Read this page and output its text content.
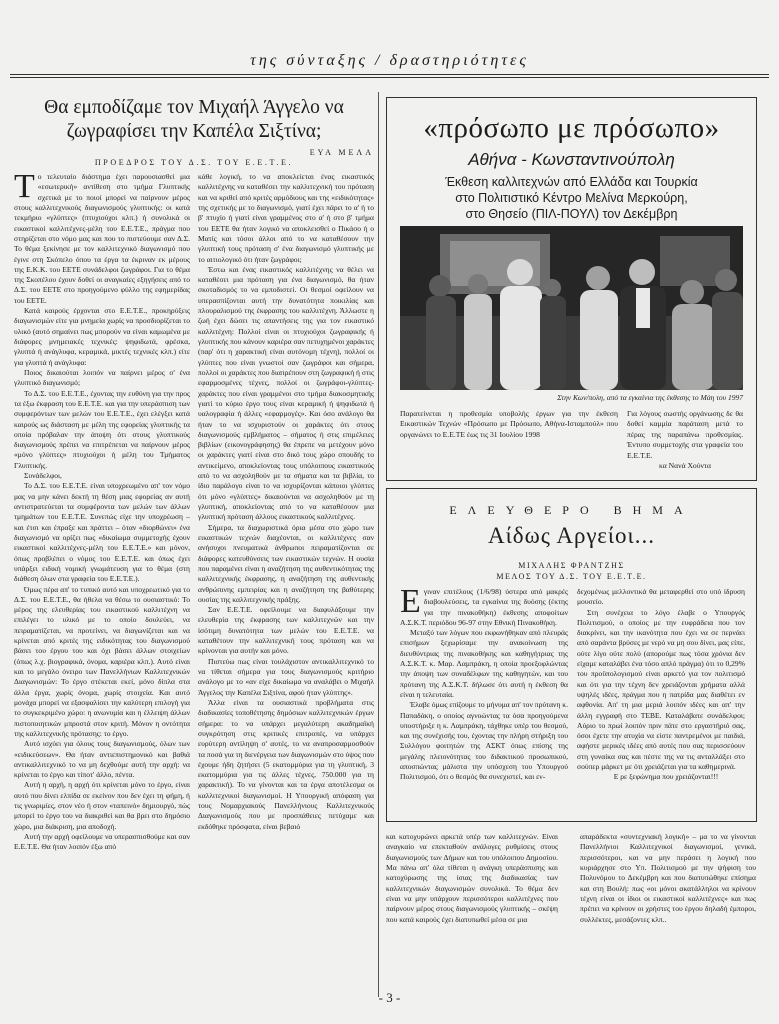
της σύνταξης / δραστηριότητες
Θα εμποδίζαμε τον Μιχαήλ Άγγελο να ζωγραφίσει την Καπέλα Σιξτίνα;
ΕΥΑ ΜΕΛΑ
ΠΡΟΕΔΡΟΣ ΤΟΥ Δ.Σ. ΤΟΥ Ε.Ε.Τ.Ε.

Το τελευταίο διάστημα έχει παρουσιασθεί μια «εσωτερική» αντίθεση στο τμήμα Γλυπτικής σχετικά με το ποιοί μπορεί να παίρνουν μέρος στους καλλιτεχνικούς διαγωνισμούς γλυπτικής: οι κατά τεκμήριο «γλύπτες» (πτυχιούχοι κλπ.) ή συνολικά οι εικαστικοί καλλιτέχνες-μέλη του Ε.Ε.Τ.Ε., πράγμα που στηρίζεται στο νόμο μας και που το πιστεύουμε σαν Δ.Σ. Το θέμα ξεκίνησε με τον καλλιτεχνικό διαγωνισμό που έγινε στη Σκόπελο όπου τα έργα τα έκριναν εκ μέρους της Ε.Κ.Κ. του ΕΕΤΕ συνάδελφοι ζωγράφοι. Για το θέμα της Σκοπέλου έχουν δοθεί οι αναγκαίες εξηγήσεις από το Δ.Σ. του ΕΕΤΕ στο προηγούμενο φύλλο της εφημερίδας του ΕΕΤΕ.

Κατά καιρούς έρχονται στο Ε.Ε.Τ.Ε., προκηρύξεις διαγωνισμών είτε για μνημεία χωρίς να προσδιορίζεται το υλικό (αυτό σημαίνει πως μπορούν να είναι καμωμένα με διάφορες μνημειακές τεχνικές: ψηφιδωτά, φρέσκα, γλυπτά ή ανάγλυφα, κεραμικά, μικτές τεχνικές κλπ.) είτε για γλυπτά ή ανάγλυφα:

Ποιος δικαιούται λοιπόν να παίρνει μέρος σ' ένα γλυπτικό διαγωνισμό;

Το Δ.Σ. του Ε.Ε.Τ.Ε., έχοντας την ευθύνη για την προς τα έξω έκφραση του Ε.Ε.Τ.Ε. και για την υπεράσπιση των συμφερόντων των μελών του Ε.Ε.Τ.Ε., έχει ελέγξει κατά καιρούς ως διάσταση με μέλη της εφορείας γλυπτικής τα οποία πρόβαλαν την άποψη ότι στους γλυπτικούς διαγωνισμούς πρέπει να επιτρέπεται να παίρνουν μέρος «μόνο γλύπτες» πτυχιούχοι ή μέλη του Τμήματος Γλυπτικής.

Συνάδελφοι,

Το Δ.Σ. του Ε.Ε.Τ.Ε. είναι υποχρεωμένο απ' τον νόμο μας να μην κάνει δεκτή τη θέση μιας εφορείας αν αυτή αντιστρατεύεται τα συμφέροντα των μελών των άλλων τμημάτων του Ε.Ε.Τ.Ε. Συνεπώς είχε την υποχρέωση – και έτσι και έπραξε και πράττει – όταν «διορθώνει» ένα διαγωνισμό να ορίζει πως «δικαίωμα συμμετοχής έχουν εικαστικοί καλλιτέχνες-μέλη του Ε.Ε.Τ.Ε.» και μόνον, όπως προβλέπει ο νόμος του Ε.Ε.Τ.Ε. και όπως έχει υπάρξει ειδική νομική γνωμάτευση για το θέμα (στη διάθεση όλων στα γραφεία του Ε.Ε.Τ.Ε.).

Όμως πέρα απ' το τυπικό αυτό και υποχρεωτικό για το Δ.Σ. του Ε.Ε.Τ.Ε., θα ήθελα να θέσω το ουσιαστικό: Το μέρος της ελευθερίας του εικαστικού καλλιτέχνη να επιλέγει το υλικό με το οποίο δουλεύει, να πειραματίζεται, να προτείνει, να διαγωνίζεται και να κρίνεται από κριτές της ειδικότητας του διαγωνισμού βάσει του έργου του και όχι βάσει άλλων στοιχείων (όπως λ.χ. βιογραφικά, όνομα, καριέρα κλπ.). Αυτό είναι και το μεγάλο όνειρο των Πανελλήνιων Καλλιτεχνικών Διαγωνισμών: Το έργο στέκεται εκεί, μόνο δίπλα στα άλλα έργα, χωρίς όνομα, χωρίς στοιχεία. Και αυτό μονάχα μπορεί να εξασφαλίσει την καλύτερη επιλογή για το συγκεκριμένο χώρο: η ανωνυμία και η έλλειψη άλλων πιστοποιητικών μπροστά στον κριτή. Μόνον η οντότητα της καλλιτεχνικής πρότασης: το έργο.

Αυτό ισχύει για όλους τους διαγωνισμούς, όλων των «ειδικεύσεων». Θα ήταν αντιεπιστημονικό και βαθιά αντικαλλιτεχνικό το να μη δεχθούμε αυτή την αρχή: να κρίνεται το έργο και τίποτ' άλλο, πέντα.

Αυτή η αρχή, η αρχή ότι κρίνεται μόνο το έργο, είναι αυτό που δίνει ελπίδα σε εκείνον που δεν έχει τη φήμη, ή τις γνωριμίες, στον νέο ή στον «ταπεινό» δημιουργό, πώς μπορεί το έργο του να διακριθεί και θα βρει στο δημόσιο χώρο, μια διάκριση, μια αποδοχή.

Αυτή την αρχή οφείλουμε να υπερασπισθούμε και σαν Ε.Ε.Τ.Ε. Θα ήταν λοιπόν έξω από

κάθε λογική, το να αποκλείεται ένας εικαστικός καλλιτέχνης να καταθέσει την καλλιτεχνική του πρόταση και να κριθεί από κριτές αρμόδιους και της «ειδικότητας» της σχετικής με το διαγωνισμό, γιατί έχει πάρει το α' ή το β' πτυχίο ή γιατί είναι γραμμένος στο α' ή στο β' τμήμα του ΕΕΤΕ θα ήταν λογικό να αποκλεισθεί ο Πικάσο ή ο Ματίς και τόσοι άλλοι από το να καταθέσουν την γλυπτική τους πρόταση σ' ένα διαγωνισμό γλυπτικής με το αιτιολογικό ότι ήταν ζωγράφοι;

Έστω και ένας εικαστικός καλλιτέχνης να θέλει να καταθέσει μια πρόταση για ένα διαγωνισμό, θα ήταν σκοταδισμός το να εμποδιστεί. Οι θεσμοί οφείλουν να υπερασπίζονται αυτή την δυνατότητα ποικιλίας και πλουραλισμού της έκφρασης του καλλιτέχνη. Άλλωστε η ζωή έχει δώσει τις απαντήσεις της για τον εικαστικό καλλιτέχνη: Πολλοί είναι οι πτυχιούχοι ζωγραφικής ή γλυπτικής που κάνουν καριέρα σαν πετυχημένοι χαράκτες (παρ' ότι η χαρακτική είναι αυτόνομη τέχνη), πολλοί οι γλύπτες που είναι γνωστοί σαν ζωγράφοι και σήμερα, πολλοί οι χαράκτες που διαπρέπουν στη ζωγραφική ή στις εφαρμοσμένες τέχνες, πολλοί οι ζωγράφοι-γλύπτες-χαράκτες που είναι γραμμένοι στο τμήμα διακοσμητικής γιατί το κύριο έργο τους είναι κεραμική ή ψηφιδωτά ή υαλογραφία ή άλλες «εφαρμογές». Και όσο ανάλογο θα ήταν το να ισχυριστούν οι χαράκτες ότι στους διαγωνισμούς εμβλήματος – σήματος ή στις επιμέλειες βιβλίων (εικονογράφησης) θα έπρεπε να μετέχουν μόνο οι χαράκτες γιατί είναι στο δικό τους χώρο σπουδής το αντικείμενο, αποκλείοντας τους υπόλοιπους εικαστικούς από το να ασχοληθούν με τα σήματα και τα βιβλία, το ίδιο παράλογο είναι το να ισχυρίζονται κάποιοι γλύπτες ότι μόνο «γλύπτες» δικαιούνται να ασχοληθούν με τη γλυπτική, αποκλείοντας από το να καταθέσουν μια γλυπτική πρόταση άλλους εικαστικούς καλλιτέχνες.

Σήμερα, τα διαχωριστικά όρια μέσα στο χώρο των εικαστικών τεχνών διαχέονται, οι καλλιτέχνες σαν ανήσυχοι πνευματικά άνθρωποι πειραματίζονται σε διάφορες κατευθύνσεις των εικαστικών τεχνών. Η ουσία που παραμένει είναι η αναζήτηση της αυθεντικότητας της καλλιτεχνικής έκφρασης, η αναζήτηση της αυθεντικής ανθρώπινης εμπειρίας και η αναζήτηση της βαθύτερης ουσίας της καλλιτεχνικής πράξης.

Σαν Ε.Ε.Τ.Ε. οφείλουμε να διαφυλάξουμε την ελευθερία της έκφρασης των καλλιτεχνών και την ίσότιμη δυνατότητα των μελών του Ε.Ε.Τ.Ε. να καταθέτουν την καλλιτεχνική τους πρόταση και να κρίνονται για αυτήν και μόνο.

Πιστεύω πως είναι τουλάχιστον αντικαλλιτεχνικό το να τίθεται σήμερα για τους διαγωνισμούς κριτήριο ανάλογο με το «αν είχε δικαίωμα να αναλάβει ο Μιχαήλ Άγγελος την Καπέλα Σιξτίνα, αφού ήταν γλύπτης».

Άλλα είναι τα ουσιαστικά προβλήματα στις διαδικασίες τοποθέτησης δημόσιων καλλιτεχνικών έργων σήμερα: το να υπάρχει μεγαλύτερη ακαδημαϊκή συγκρότηση στις κριτικές επιτροπές, να υπάρχει ευρύτερη αντίληψη σ' αυτές, το να αναπροσαρμοσθούν τα ποσά για τη διενέργεια των διαγωνισμών στο ύψος που έχουμε ήδη ζητήσει (5 εκατομμύρια για τη γλυπτική, 3 εκατομμύρια για τις άλλες τέχνες, 750.000 για τη χαρακτική). Το να γίνονται και τα έργα αποτέλεσμα οι καλλιτεχνικοί διαγωνισμοί. Η Υπουργική απόφαση για τους Νομαρχιακούς Πανελλήνιους Καλλιτεχνικούς Διαγωνισμούς που με προσπάθειες πετύχαμε και εκδόθηκε πρόσφατα, είναι βεβαιό

«πρόσωπο με πρόσωπο»
Αθήνα - Κωνσταντινούπολη
Έκθεση καλλιτεχνών από Ελλάδα και Τουρκία
στο Πολιτιστικό Κέντρο Μελίνα Μερκούρη,
στο Θησείο (ΠΙΛ-ΠΟΥΛ) τον Δεκέμβρη
Στην Κων/πολη, από τα εγκαίνια της έκθεσης το Μάη του 1997
Παρατείνεται η προθεσμία υποβολής έργων για την έκθεση Εικαστικών Τεχνών «Πρόσωπο με Πρόσωπο, Αθήνα-Ισταμπούλ» που οργανώνει το Ε.Ε.ΤΕ έως τις 31 Ιουλίου 1998
Για λόγους σωστής οργάνωσης δε θα δοθεί καμμία παράταση μετά το πέρας της παραπάνω προθεσμίας. Έντυπο συμμετοχής στα γραφεία του Ε.Ε.Τ.Ε.
κα Νανά Χούντα
ΕΛΕΥΘΕΡΟ ΒΗΜΑ
Αίδως Αργείοι...
ΜΙΧΑΛΗΣ ΦΡΑΝΤΖΗΣ
ΜΕΛΟΣ ΤΟΥ Δ.Σ. ΤΟΥ Ε.Ε.Τ.Ε.

Εγιναν επιτέλους (1/6/98) ύστερα από μακρές διαβουλεύσεις, τα εγκαίνια της δυόσης (έκτης για την πινακοθήκη) έκθεσης αποφοίτων Α.Σ.Κ.Τ. περιόδου 96-97 στην Εθνική Πινακοθήκη.

Μεταξύ των λόγων που εκφωνήθηκαν από πλευράς επισήμων ξεχωρίσαμε την ανακοίνωση της διευθύντριας της πινακοθήκης και καθηγήτριας της Α.Σ.Κ.Τ. κ. Μαρ. Λαμπράκη, η οποία προεξοφλώντας την άποψη των συναδέλφων της καθηγητών, και του πρύτανη της Α.Σ.Κ.Τ. δήλωσε ότι αυτή η έκθεση θα είναι η τελευταία.

Έλαβε όμως επίζουμε το μήνυμα απ' τον πρύτανη κ. Παπαδάκη, ο οποίος αγνοώντας τα όσα προηγούμενα υποστήριξε η κ. Λαμπράκη, τάχθηκε υπέρ του θεσμού, και της συνέχισής του, έχοντας την πλήρη στήριξη του Συλλόγου φοιτητών της ΑΣΚΤ όπως επίσης της μεγάλης πλειονότητας του διδακτικού προσωπικού, αποσπώντας μάλιστα την υπόσχεση του Υπουργού Πολιτισμού, ότι ο θεσμός θα συνεχιστεί, και εν-

δεχομένως μελλοντικά θα μεταφερθεί στο υπό ίδρυση μουσείο.

Στη συνέχεια το λόγο έλαβε ο Υπουργός Πολιτισμού, ο οποίος με την ευφράδεια που τον διακρίνει, και την ικανότητα που έχει να σε περνάει από σαράντα βρύσες με νερό να μη σου δίνει, μας είπε, ούτε λίγο ούτε πολύ (απορούμε πως τόσα χρόνια δεν είχαμε καταλάβει ένα τόσο απλό πράγμα) ότι το 0,29% του προϋπολογισμού είναι αρκετό για τον πολιτισμό και ότι για την τέχνη δεν χρειάζονται χρήματα αλλά υψηλές ιδέες, πράγμα που η πατρίδα μας διαθέτει εν αφθονία. Απ' τη μια μεριά λοιπόν ιδέες και απ' την άλλη εγγραφή στο ΤΕΒΕ. Καταλάβατε συνάδελφοι; Αύριο το πρωί λοιπόν πριν πάτε στο εργαστήριό σας, όσοι έχετε την ατυχία να είστε παντρεμένοι με παιδιά, αφήστε μερικές ιδέες από αυτές που σας περισσεύουν στη γυναίκα σας και πέστε της να τις ανταλλάξει στο σούπερ μάρκετ με ότι χρειάζεται για τα καθημερινά.

Ε ρε ξεφώνημα που χρειάζονται!!!

και κατοχυρώνει αρκετά υπέρ των καλλιτεχνών. Είναι αναγκαίο να επεκταθούν ανάλογες ρυθμίσεις στους διαγωνισμούς των Δήμων και του υπόλοιπου Δημοσίου. Μα πάνω απ' όλα τίθεται η ανάγκη υπεράσπισης και κατοχύρωσης της ίσιας της διαδικασίας των καλλιτεχνικών διαγωνισμών συνολικά. Το θέμα δεν είναι να μην υπάρχουν περισσότεροι καλλιτέχνες που παίρνουν μέρος στους διαγωνισμούς γλυπτικής – σκέψη που κατά καιρούς έχει διατυπωθεί μέσα σε μια

απαράδεκτα «συντεχνιακή λογική» – μα το να γίνονται Πανελλήνιοι Καλλιτεχνικοί διαγωνισμοί, γενικά, περισσότεροι, και να μην περάσει η λογική που κυριάρχησε στο Υπ. Πολιτισμού με την ψήφιση του Πολυνόμου το Δεκέμβρη και που διατυπώθηκε επίσημα και στη Βουλή: πως «οι μόνοι ακατάλληλοι να κρίνουν τέχνη είναι οι ίδιοι οι εικαστικοί καλλιτέχνες» και πως πρέπει να κρίνουν οι χρήστες του έργου δηλαδή έμποροι, συλλέκτες, μεσάζοντες κλπ..

- 3 -
